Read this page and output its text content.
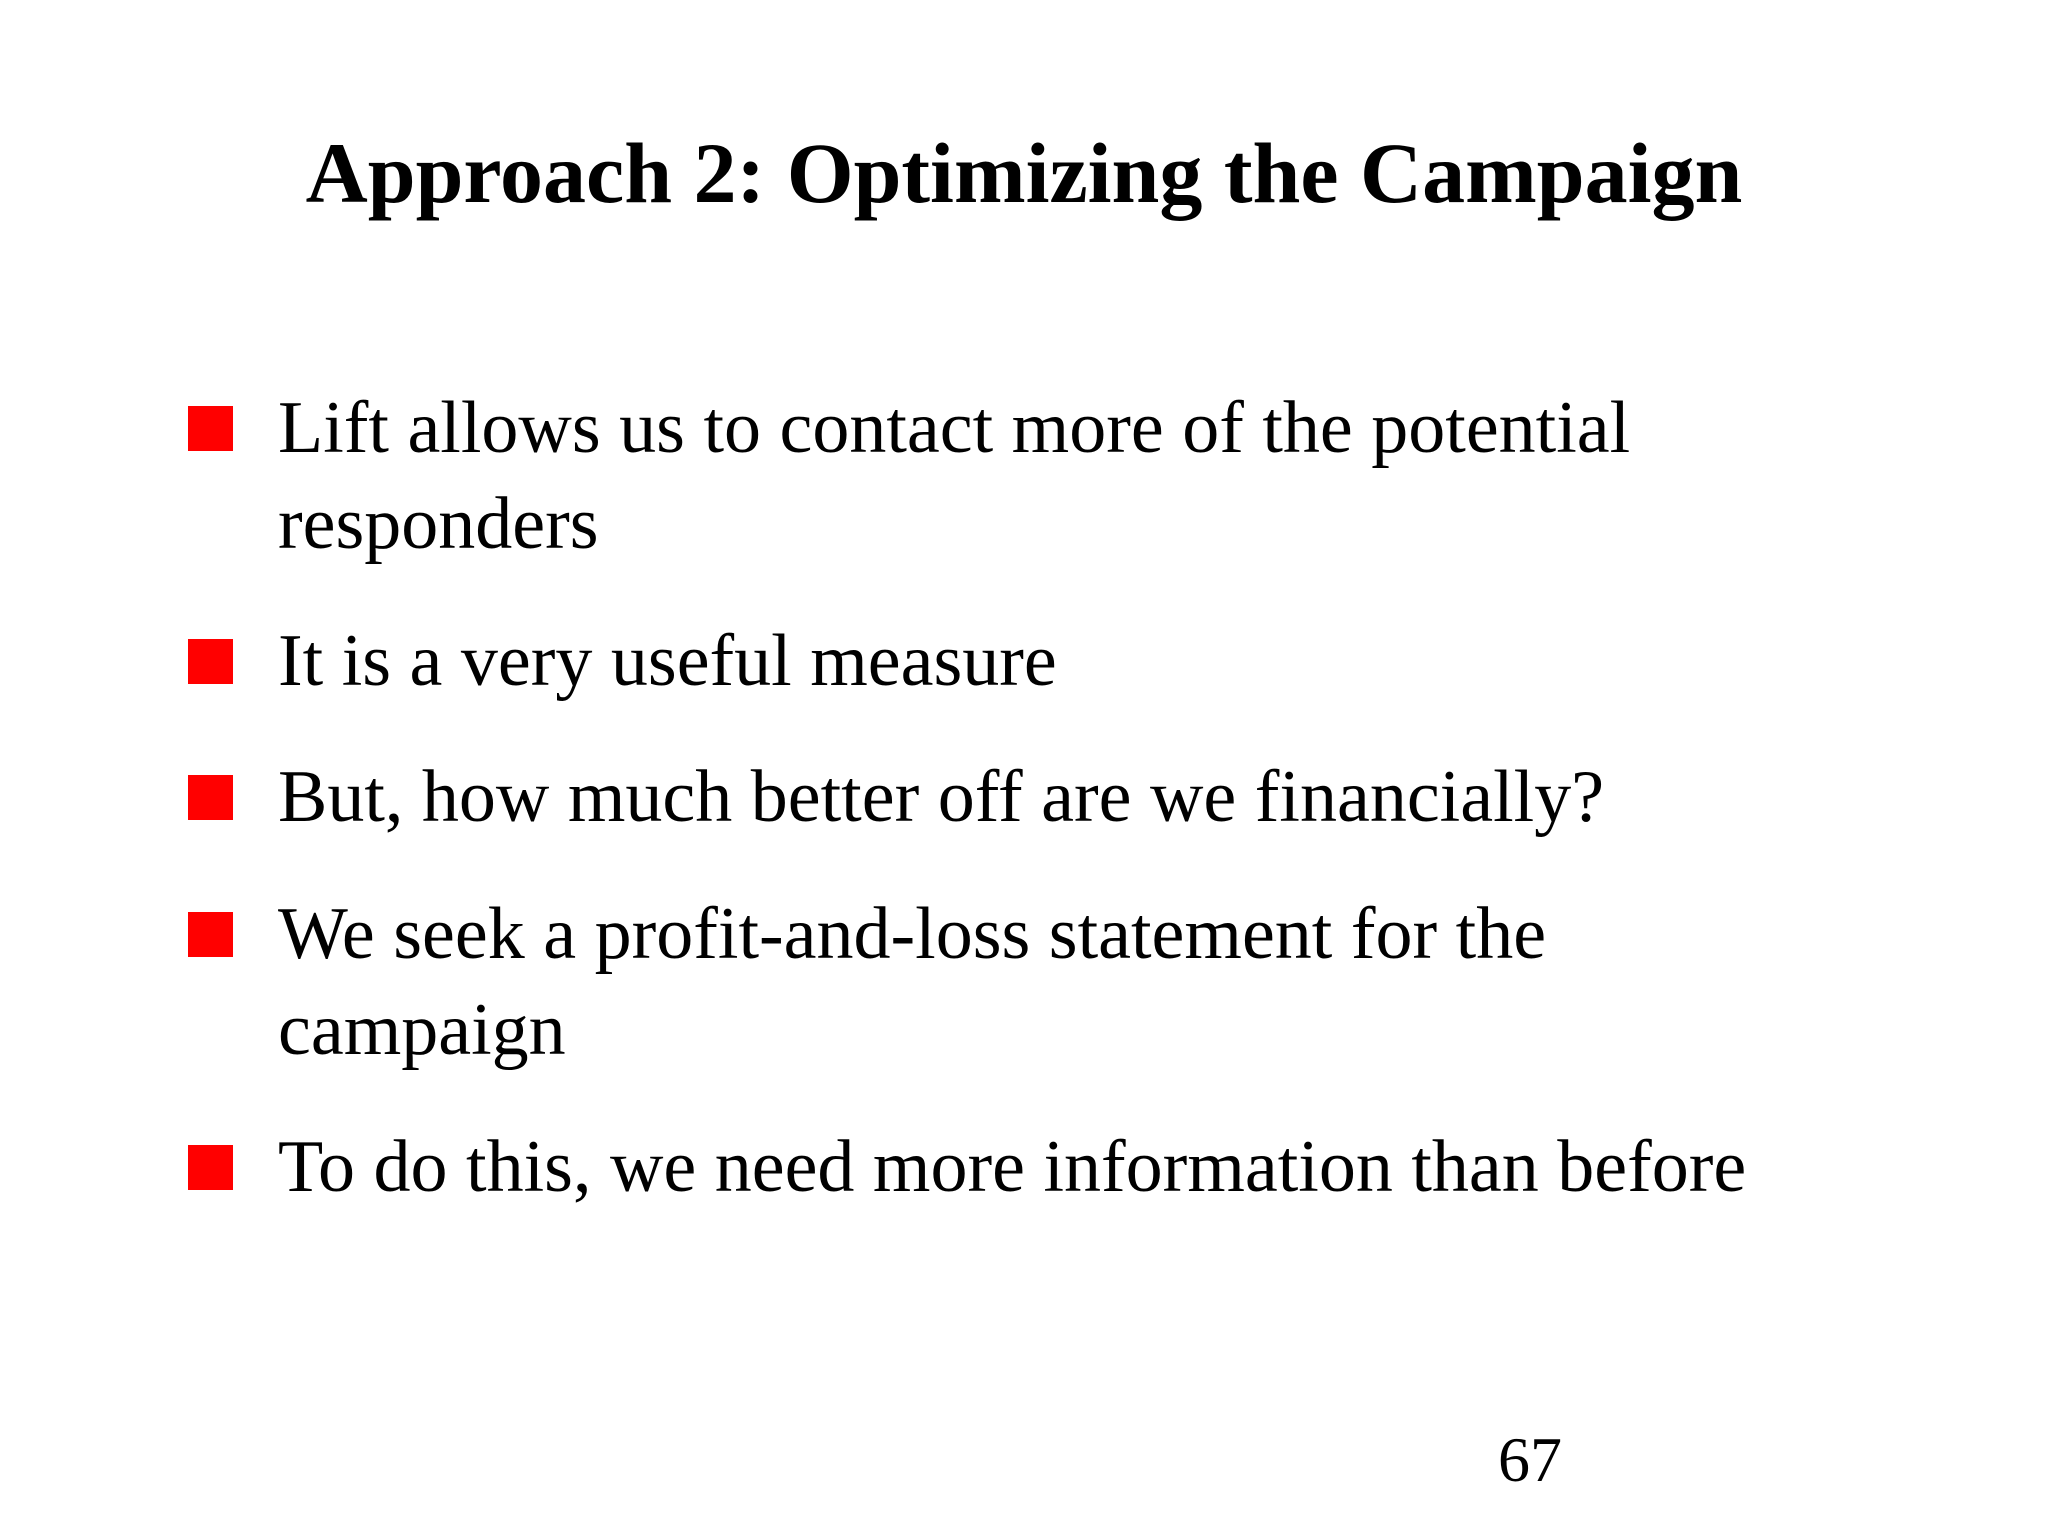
Approach 2: Optimizing the Campaign
Lift allows us to contact more of the potential
responders
It is a very useful measure
But, how much better off are we financially?
We seek a profit-and-loss statement for the
campaign
To do this, we need more information than before
67
